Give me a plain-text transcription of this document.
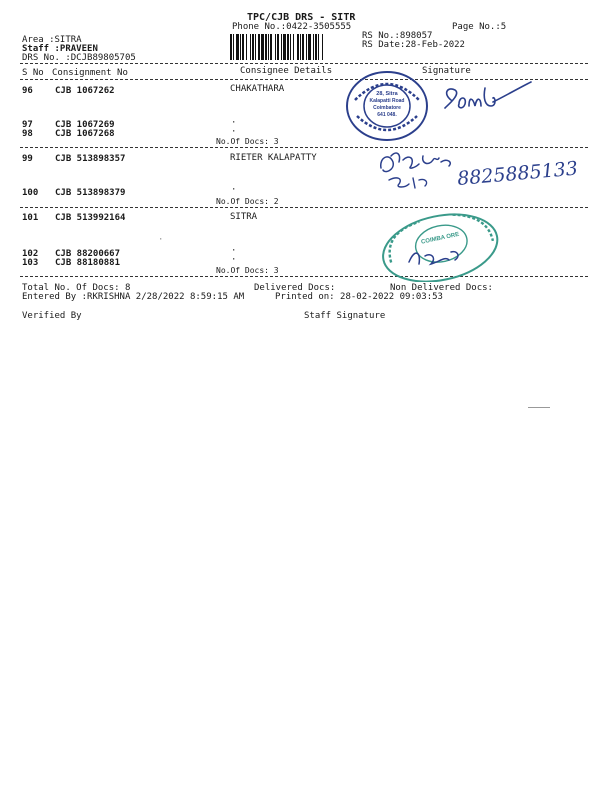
TPC/CJB DRS - SITR
Phone No.:0422-3505555	Page No.:5
Area :SITRA
Staff :PRAVEEN
DRS No. :DCJB89805705
RS No.:898057
RS Date:28-Feb-2022
S No Consignment No	Consignee Details	Signature
96 CJB 1067262	CHAKATHARA
97 CJB 1067269	·
98 CJB 1067268	·
No.Of Docs: 3
99 CJB 513898357	RIETER KALAPATTY
100 CJB 513898379	·
No.Of Docs: 2
101 CJB 513992164	SITRA
102 CJB 88200667	·
103 CJB 88180881	·
No.Of Docs: 3
·
Total No. Of Docs: 8	Delivered Docs:	Non Delivered Docs:
Entered By :RKRISHNA 2/28/2022 8:59:15 AM	Printed on: 28-02-2022 09:03:53
Verified By	Staff Signature
28, Sitra
Kalapatti Road
Coimbatore
641 048.
8825885133
COIMBA ORE
